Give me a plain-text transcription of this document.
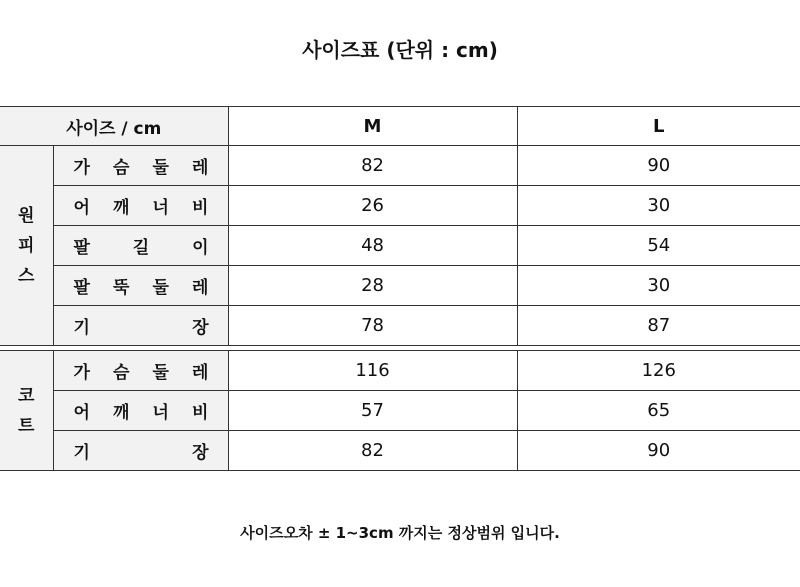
사이즈표 (단위 : cm)
사이즈 / cm		M	L

원
피
스	가 슴 둘 레	82	90

	어 깨 너 비	26	30

	팔 길 이	48	54

	팔 뚝 둘 레	28	30

	기 장	78	87
코
트	가 슴 둘 레	116	126

	어 깨 너 비	57	65

	기 장	82	90
사이즈오차 ± 1~3cm 까지는 정상범위 입니다.
